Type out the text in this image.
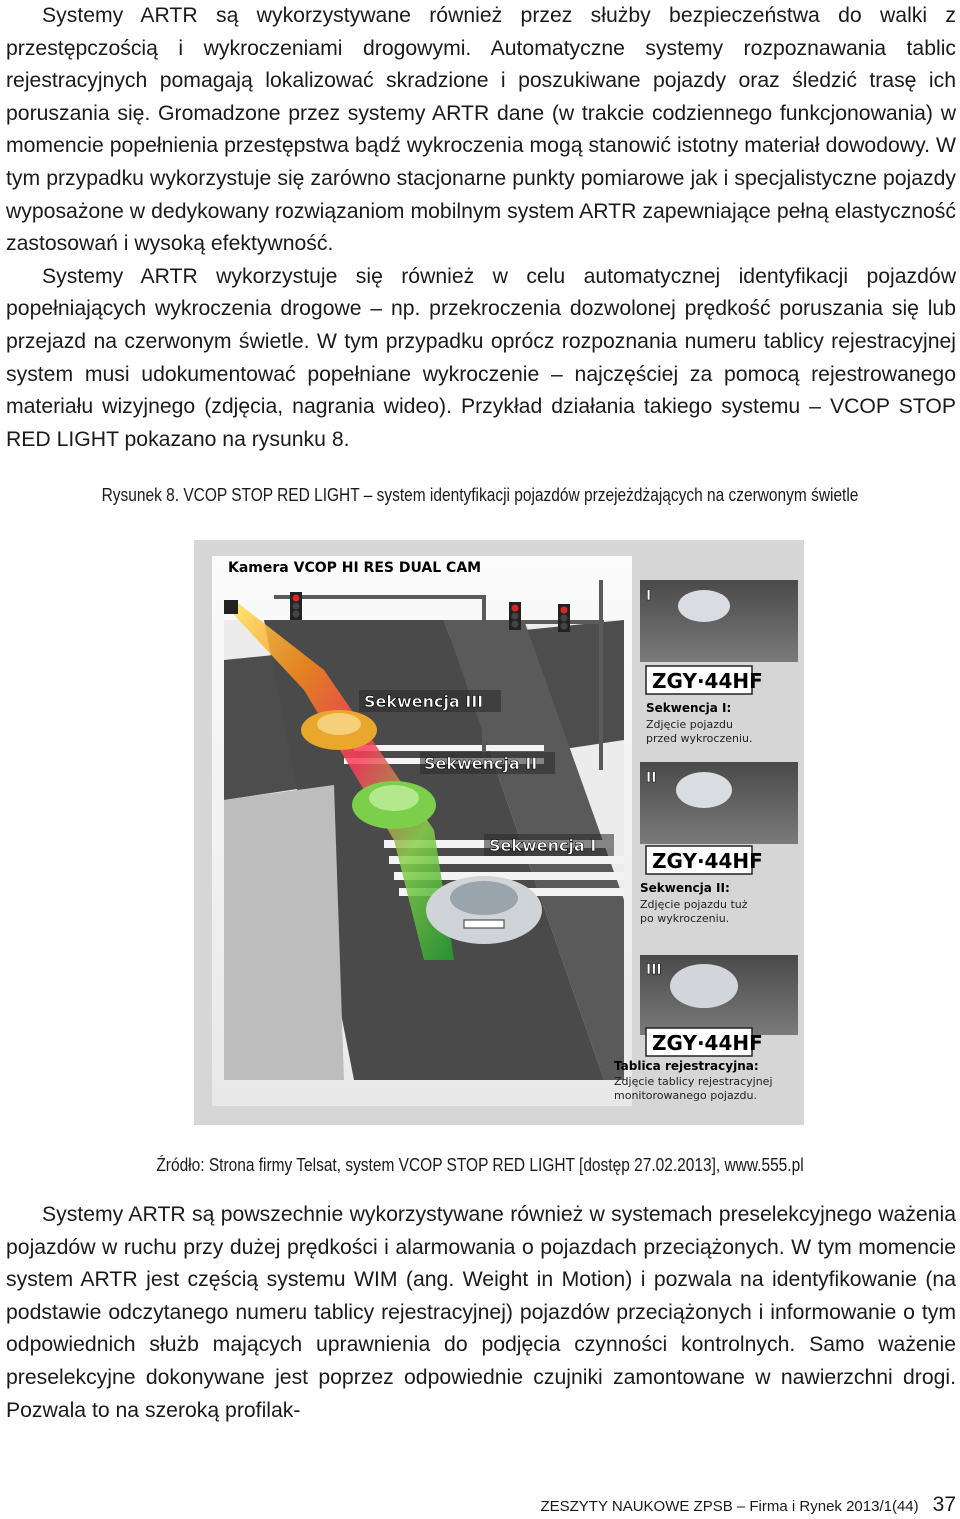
Systemy ARTR są wykorzystywane również przez służby bezpieczeństwa do walki z przestępczością i wykroczeniami drogowymi. Automatyczne systemy rozpoznawania tablic rejestracyjnych pomagają lokalizować skradzione i poszukiwane pojazdy oraz śledzić trasę ich poruszania się. Gromadzone przez systemy ARTR dane (w trakcie codziennego funkcjonowania) w momencie popełnienia przestępstwa bądź wykroczenia mogą stanowić istotny materiał dowodowy. W tym przypadku wykorzystuje się zarówno stacjonarne punkty pomiarowe jak i specjalistyczne pojazdy wyposażone w dedykowany rozwiązaniom mobilnym system ARTR zapewniające pełną elastyczność zastosowań i wysoką efektywność.

Systemy ARTR wykorzystuje się również w celu automatycznej identyfikacji pojazdów popełniających wykroczenia drogowe – np. przekroczenia dozwolonej prędkość poruszania się lub przejazd na czerwonym świetle. W tym przypadku oprócz rozpoznania numeru tablicy rejestracyjnej system musi udokumentować popełniane wykroczenie – najczęściej za pomocą rejestrowanego materiału wizyjnego (zdjęcia, nagrania wideo). Przykład działania takiego systemu – VCOP STOP RED LIGHT pokazano na rysunku 8.

Rysunek 8. VCOP STOP RED LIGHT – system identyfikacji pojazdów przejeżdżających na czerwonym świetle
Kamera VCOP HI RES DUAL CAM
Sekwencja III
Sekwencja II
Sekwencja I
I
ZGY·44HF
Sekwencja I:
Zdjęcie pojazdu
przed wykroczeniu.
II
ZGY·44HF
Sekwencja II:
Zdjęcie pojazdu tuż
po wykroczeniu.
III
ZGY·44HF
Tablica rejestracyjna:
Zdjęcie tablicy rejestracyjnej
monitorowanego pojazdu.
Źródło: Strona firmy Telsat, system VCOP STOP RED LIGHT [dostęp 27.02.2013], www.555.pl

Systemy ARTR są powszechnie wykorzystywane również w systemach preselekcyjnego ważenia pojazdów w ruchu przy dużej prędkości i alarmowania o pojazdach przeciążonych. W tym momencie system ARTR jest częścią systemu WIM (ang. Weight in Motion) i pozwala na identyfikowanie (na podstawie odczytanego numeru tablicy rejestracyjnej) pojazdów przeciążonych i informowanie o tym odpowiednich służb mających uprawnienia do podjęcia czynności kontrolnych. Samo ważenie preselekcyjne dokonywane jest poprzez odpowiednie czujniki zamontowane w nawierzchni drogi. Pozwala to na szeroką profilak-

ZESZYTY NAUKOWE ZPSB – Firma i Rynek 2013/1(44) 37
